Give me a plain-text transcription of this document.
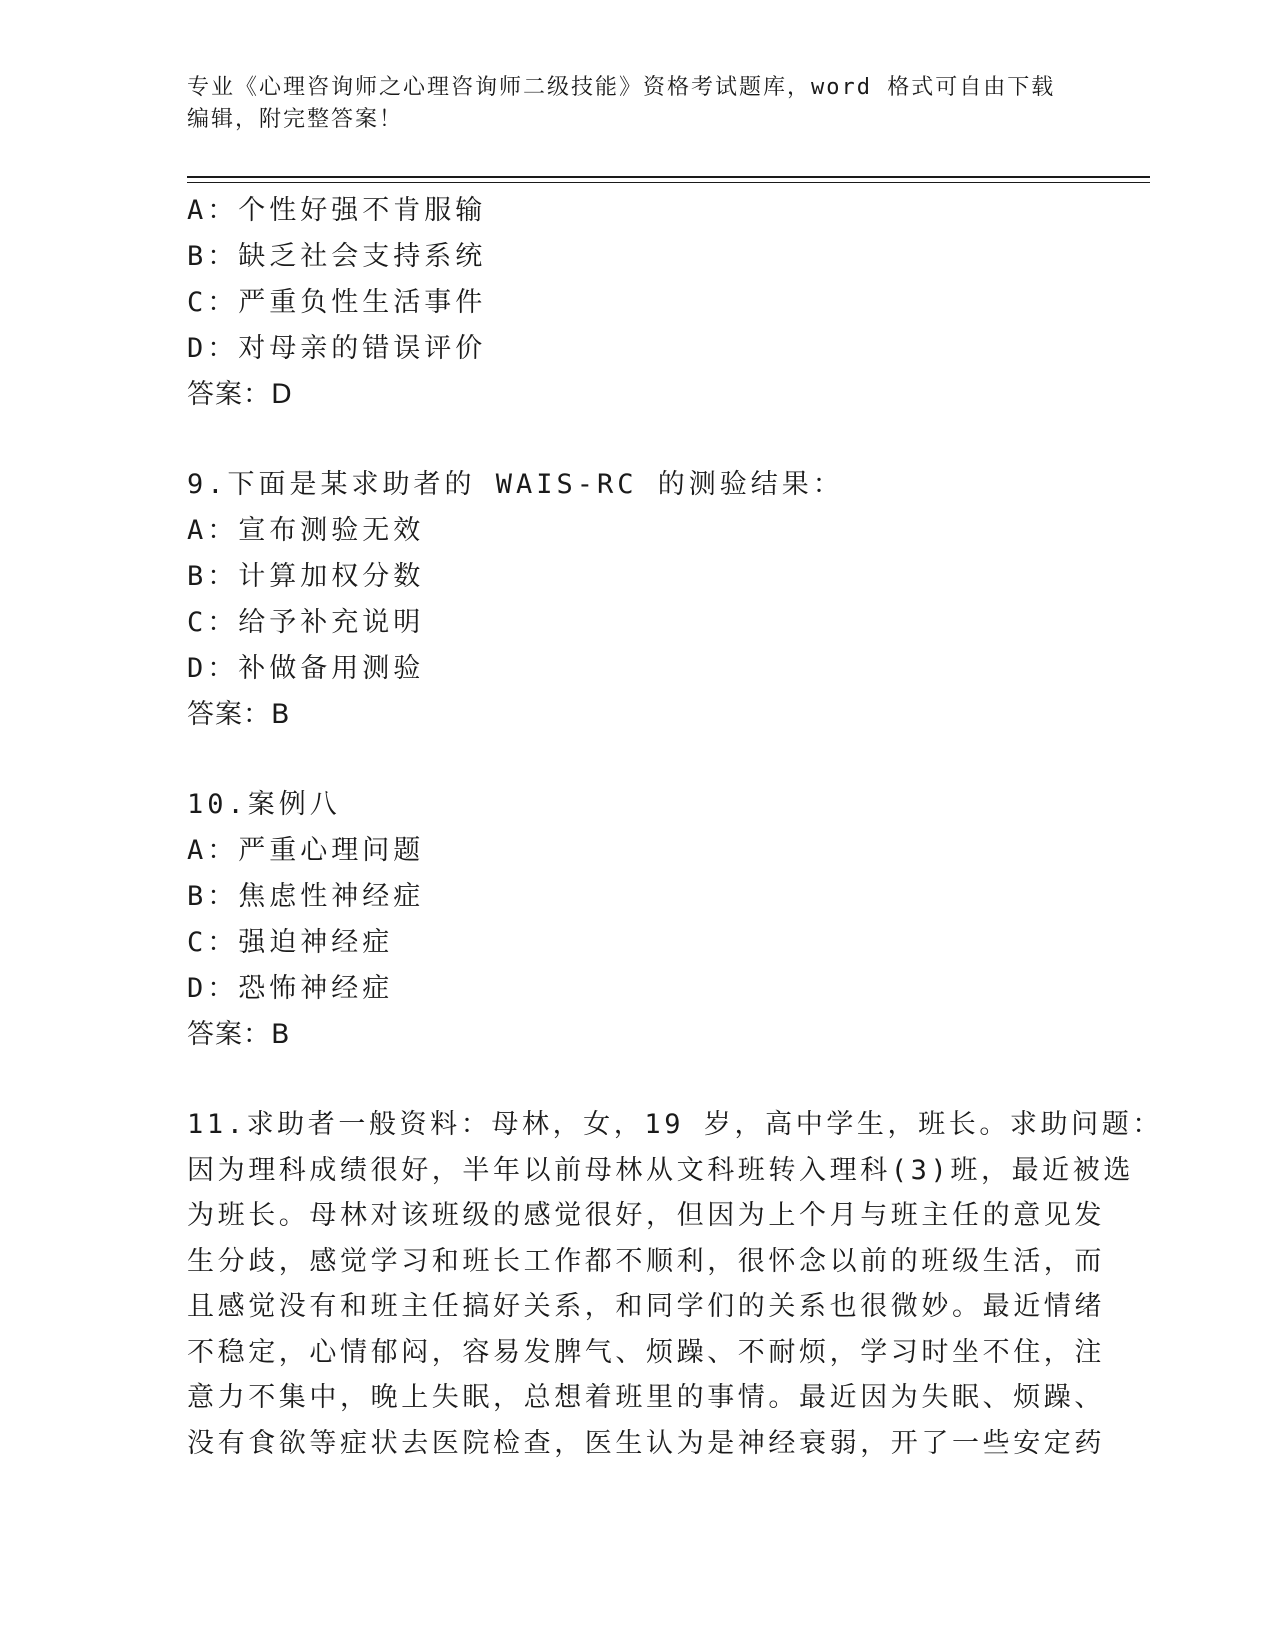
专业《心理咨询师之心理咨询师二级技能》资格考试题库，word 格式可自由下载
编辑，附完整答案！
A：个性好强不肯服输
B：缺乏社会支持系统
C：严重负性生活事件
D：对母亲的错误评价
答案：D
9.下面是某求助者的 WAIS-RC 的测验结果：
A：宣布测验无效
B：计算加权分数
C：给予补充说明
D：补做备用测验
答案：B
10.案例八
A：严重心理问题
B：焦虑性神经症
C：强迫神经症
D：恐怖神经症
答案：B
11.求助者一般资料：母林，女，19 岁，高中学生，班长。求助问题：
因为理科成绩很好，半年以前母林从文科班转入理科(3)班，最近被选
为班长。母林对该班级的感觉很好，但因为上个月与班主任的意见发
生分歧，感觉学习和班长工作都不顺利，很怀念以前的班级生活，而
且感觉没有和班主任搞好关系，和同学们的关系也很微妙。最近情绪
不稳定，心情郁闷，容易发脾气、烦躁、不耐烦，学习时坐不住，注
意力不集中，晚上失眠，总想着班里的事情。最近因为失眠、烦躁、
没有食欲等症状去医院检查，医生认为是神经衰弱，开了一些安定药
